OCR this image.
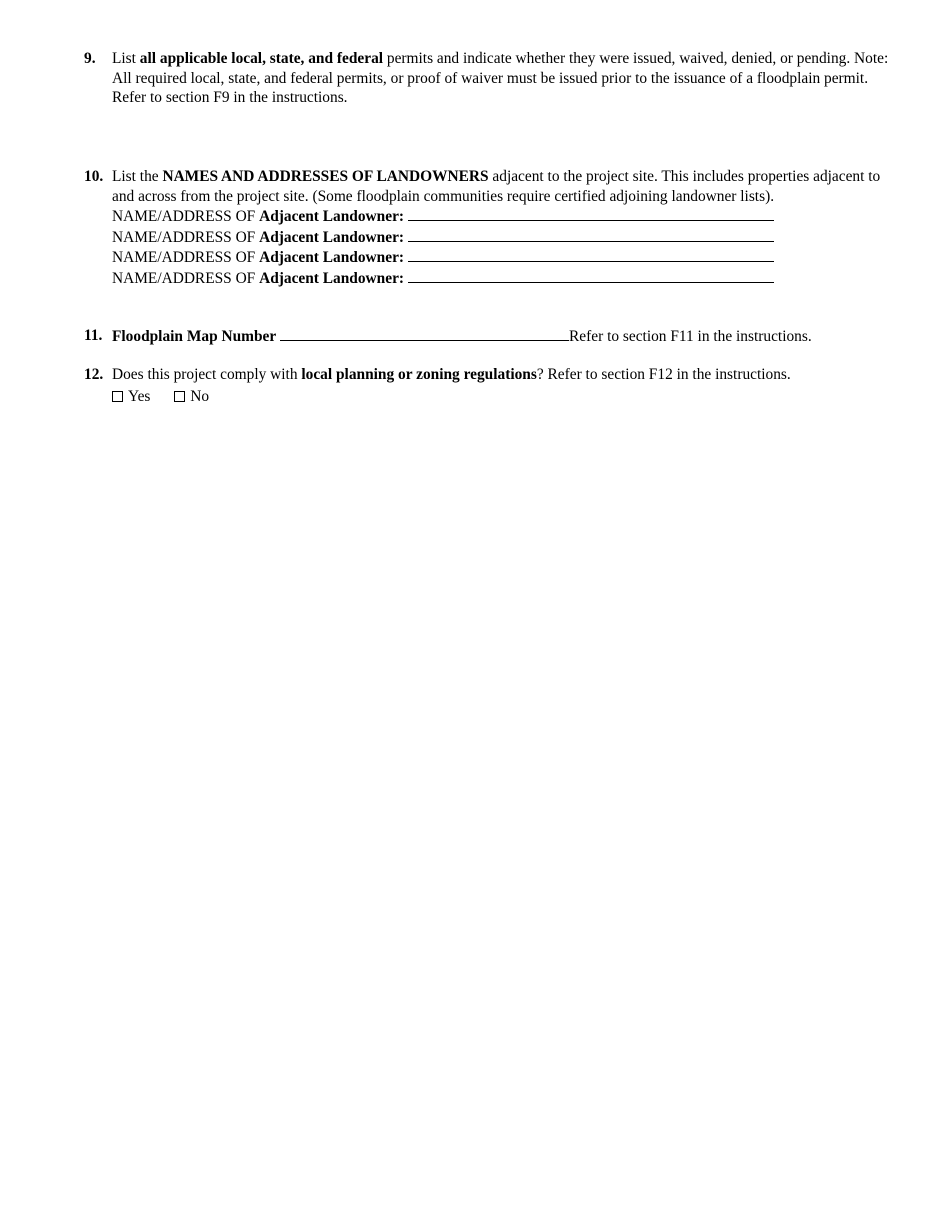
9. List all applicable local, state, and federal permits and indicate whether they were issued, waived, denied, or pending. Note: All required local, state, and federal permits, or proof of waiver must be issued prior to the issuance of a floodplain permit. Refer to section F9 in the instructions.
10. List the NAMES AND ADDRESSES OF LANDOWNERS adjacent to the project site. This includes properties adjacent to and across from the project site. (Some floodplain communities require certified adjoining landowner lists).
NAME/ADDRESS OF Adjacent Landowner:
NAME/ADDRESS OF Adjacent Landowner:
NAME/ADDRESS OF Adjacent Landowner:
NAME/ADDRESS OF Adjacent Landowner:
11. Floodplain Map Number	Refer to section F11 in the instructions.
12. Does this project comply with local planning or zoning regulations? Refer to section F12 in the instructions.
Yes
	No
